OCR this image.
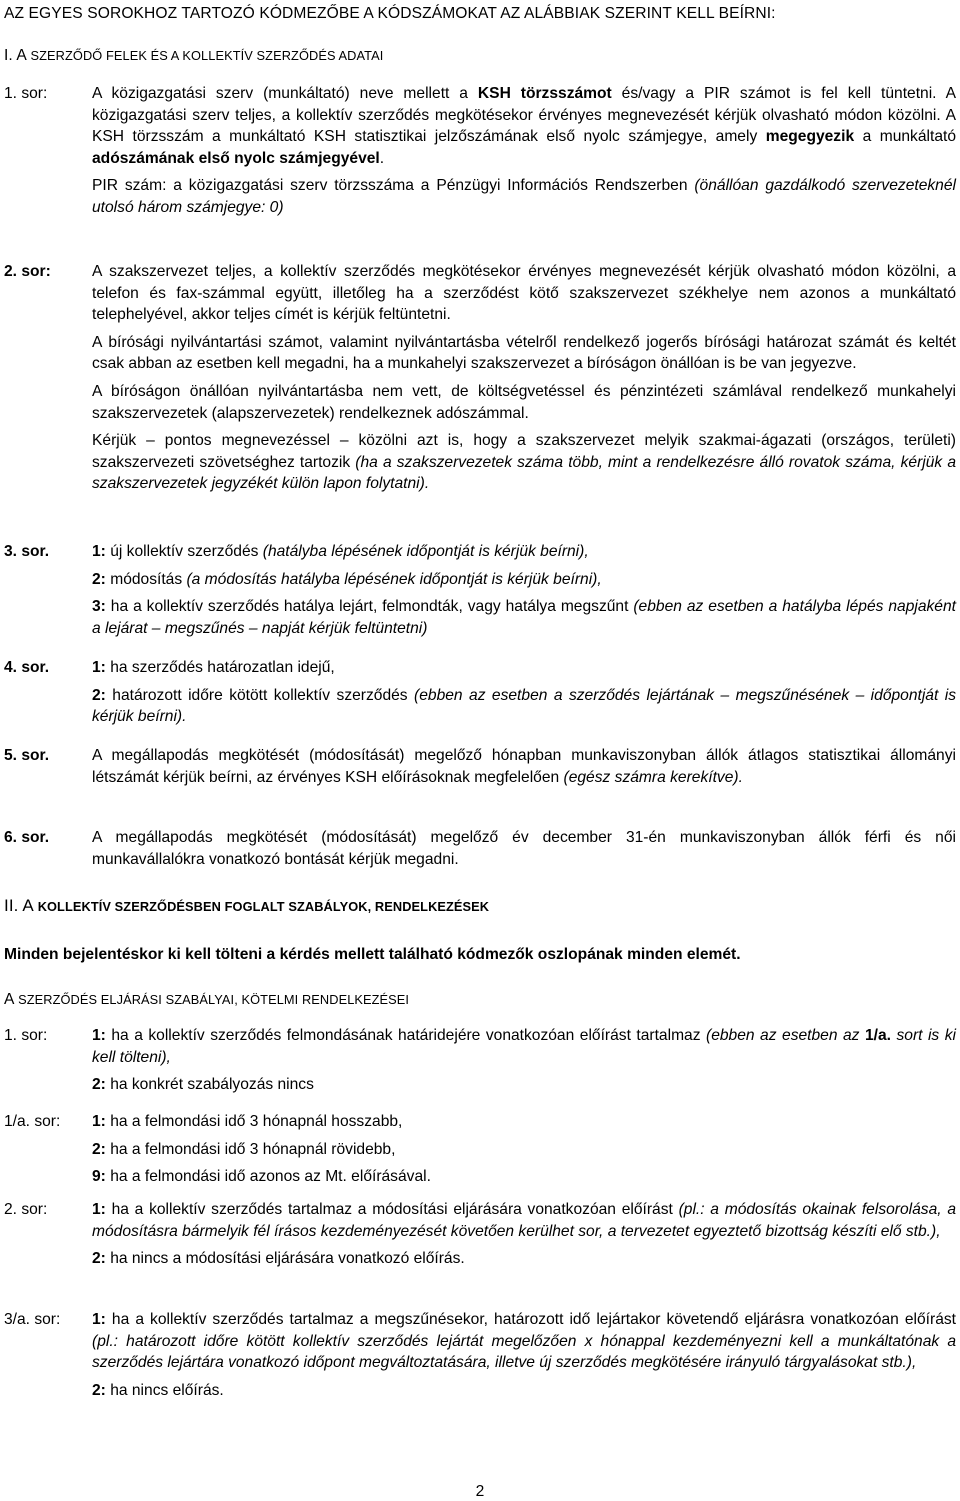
AZ EGYES SOROKHOZ TARTOZÓ KÓDMEZŐBE A KÓDSZÁMOKAT AZ ALÁBBIAK SZERINT KELL BEÍRNI:
I. A SZERZŐDŐ FELEK ÉS A KOLLEKTÍV SZERZŐDÉS ADATAI
1. sor:	A közigazgatási szerv (munkáltató) neve mellett a KSH törzsszámot és/vagy a PIR számot is fel kell tüntetni. A közigazgatási szerv teljes, a kollektív szerződés megkötésekor érvényes megnevezését kérjük olvasható módon közölni. A KSH törzsszám a munkáltató KSH statisztikai jelzőszámának első nyolc számjegye, amely megegyezik a munkáltató adószámának első nyolc számjegyével.

PIR szám: a közigazgatási szerv törzsszáma a Pénzügyi Információs Rendszerben (önállóan gazdálkodó szervezeteknél utolsó három számjegye: 0)

2. sor:	A szakszervezet teljes, a kollektív szerződés megkötésekor érvényes megnevezését kérjük olvasható módon közölni, a telefon és fax-számmal együtt, illetőleg ha a szerződést kötő szakszervezet székhelye nem azonos a munkáltató telephelyével, akkor teljes címét is kérjük feltüntetni.

A bírósági nyilvántartási számot, valamint nyilvántartásba vételről rendelkező jogerős bírósági határozat számát és keltét csak abban az esetben kell megadni, ha a munkahelyi szakszervezet a bíróságon önállóan is be van jegyezve.

A bíróságon önállóan nyilvántartásba nem vett, de költségvetéssel és pénzintézeti számlával rendelkező munkahelyi szakszervezetek (alapszervezetek) rendelkeznek adószámmal.

Kérjük – pontos megnevezéssel – közölni azt is, hogy a szakszervezet melyik szakmai-ágazati (országos, területi) szakszervezeti szövetséghez tartozik (ha a szakszervezetek száma több, mint a rendelkezésre álló rovatok száma, kérjük a szakszervezetek jegyzékét külön lapon folytatni).

3. sor.	1: új kollektív szerződés (hatályba lépésének időpontját is kérjük beírni),

2: módosítás (a módosítás hatályba lépésének időpontját is kérjük beírni),

3: ha a kollektív szerződés hatálya lejárt, felmondták, vagy hatálya megszűnt (ebben az esetben a hatályba lépés napjaként a lejárat – megszűnés – napját kérjük feltüntetni)

4. sor.	1: ha szerződés határozatlan idejű,

2: határozott időre kötött kollektív szerződés (ebben az esetben a szerződés lejártának – megszűnésének – időpontját is kérjük beírni).

5. sor.	A megállapodás megkötését (módosítását) megelőző hónapban munkaviszonyban állók átlagos statisztikai állományi létszámát kérjük beírni, az érvényes KSH előírásoknak megfelelően (egész számra kerekítve).

6. sor.	A megállapodás megkötését (módosítását) megelőző év december 31-én munkaviszonyban állók férfi és női munkavállalókra vonatkozó bontását kérjük megadni.

II. A KOLLEKTÍV SZERZŐDÉSBEN FOGLALT SZABÁLYOK, RENDELKEZÉSEK
Minden bejelentéskor ki kell tölteni a kérdés mellett található kódmezők oszlopának minden elemét.
A SZERZŐDÉS ELJÁRÁSI SZABÁLYAI, KÖTELMI RENDELKEZÉSEI
1. sor:	1: ha a kollektív szerződés felmondásának határidejére vonatkozóan előírást tartalmaz (ebben az esetben az 1/a. sort is ki kell tölteni),

2: ha konkrét szabályozás nincs

1/a. sor:	1: ha a felmondási idő 3 hónapnál hosszabb,

2: ha a felmondási idő 3 hónapnál rövidebb,

9: ha a felmondási idő azonos az Mt. előírásával.

2. sor:	1: ha a kollektív szerződés tartalmaz a módosítási eljárására vonatkozóan előírást (pl.: a módosítás okainak felsorolása, a módosításra bármelyik fél írásos kezdeményezését követően kerülhet sor, a tervezetet egyeztető bizottság készíti elő stb.),

2: ha nincs a módosítási eljárására vonatkozó előírás.

3/a. sor:	1: ha a kollektív szerződés tartalmaz a megszűnésekor, határozott idő lejártakor követendő eljárásra vonatkozóan előírást (pl.: határozott időre kötött kollektív szerződés lejártát megelőzően x hónappal kezdeményezni kell a munkáltatónak a szerződés lejártára vonatkozó időpont megváltoztatására, illetve új szerződés megkötésére irányuló tárgyalásokat stb.),

2: ha nincs előírás.

2
